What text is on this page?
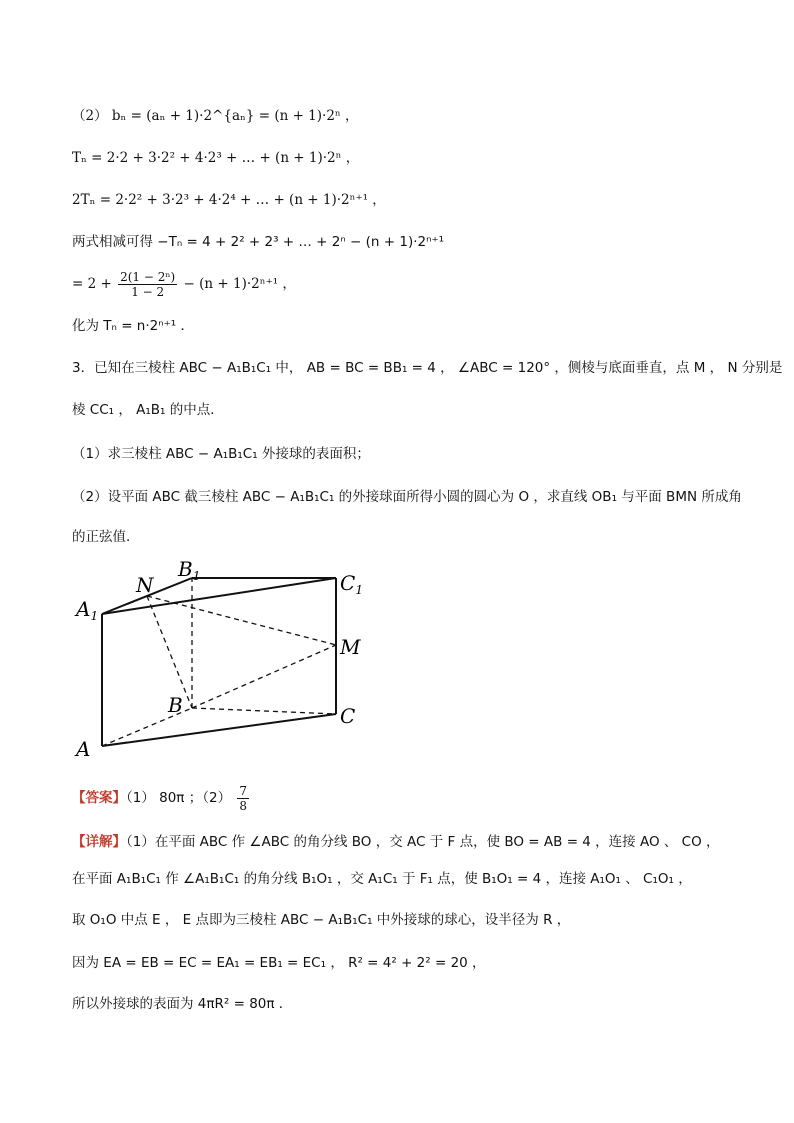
（2） bₙ = (aₙ + 1)·2^{aₙ} = (n + 1)·2ⁿ ，
Tₙ = 2·2 + 3·2² + 4·2³ + … + (n + 1)·2ⁿ ，
2Tₙ = 2·2² + 3·2³ + 4·2⁴ + … + (n + 1)·2ⁿ⁺¹ ，
两式相减可得 −Tₙ = 4 + 2² + 2³ + … + 2ⁿ − (n + 1)·2ⁿ⁺¹
= $2 + \frac{\text{2(1 − 2ⁿ)}}{1 - 2} - (n + 1)\cdot 2^{n+1}$ ，
化为 Tₙ = n·2ⁿ⁺¹ ．
3．已知在三棱柱 ABC − A₁B₁C₁ 中， AB = BC = BB₁ = 4 ， ∠ABC = 120° ，侧棱与底面垂直，点 M ， N 分别是
棱 CC₁ ， A₁B₁ 的中点．
（1）求三棱柱 ABC − A₁B₁C₁ 外接球的表面积；
（2）设平面 ABC 截三棱柱 ABC − A₁B₁C₁ 的外接球面所得小圆的圆心为 O ，求直线 OB₁ 与平面 BMN 所成角
的正弦值．
A
B	C
$A_1$
$B_1$	$C_1$
M
N
【答案】（1） 80π ；$(2) \frac{7}{8}$
【详解】（1）在平面 ABC 作 ∠ABC 的角分线 BO ，交 AC 于 F 点，使 BO = AB = 4 ，连接 AO 、 CO ，
在平面 A₁B₁C₁ 作 ∠A₁B₁C₁ 的角分线 B₁O₁ ，交 A₁C₁ 于 F₁ 点，使 B₁O₁ = 4 ，连接 A₁O₁ 、 C₁O₁ ，
取 O₁O 中点 E ， E 点即为三棱柱 ABC − A₁B₁C₁ 中外接球的球心，设半径为 R ，
因为 EA = EB = EC = EA₁ = EB₁ = EC₁ ， R² = 4² + 2² = 20 ，
所以外接球的表面为 4πR² = 80π ．
